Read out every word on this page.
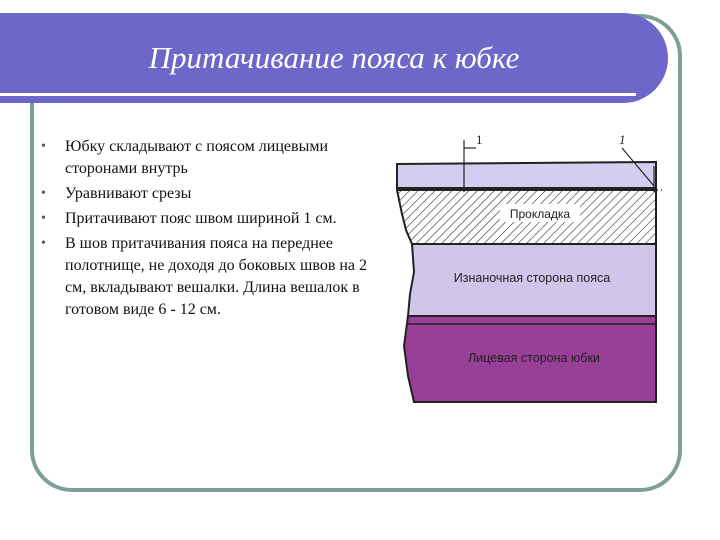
Притачивание пояса к юбке
• Юбку складывают с поясом лицевыми сторонами внутрь
• Уравнивают срезы
• Притачивают пояс швом шириной 1 см.
• В шов притачивания пояса на переднее полотнище, не доходя до боковых швов на 2 см, вкладывают вешалки. Длина вешалок в готовом виде 6 - 12 см.
1	1
Прокладка
Изнаночная сторона пояса
Лицевая сторона юбки
